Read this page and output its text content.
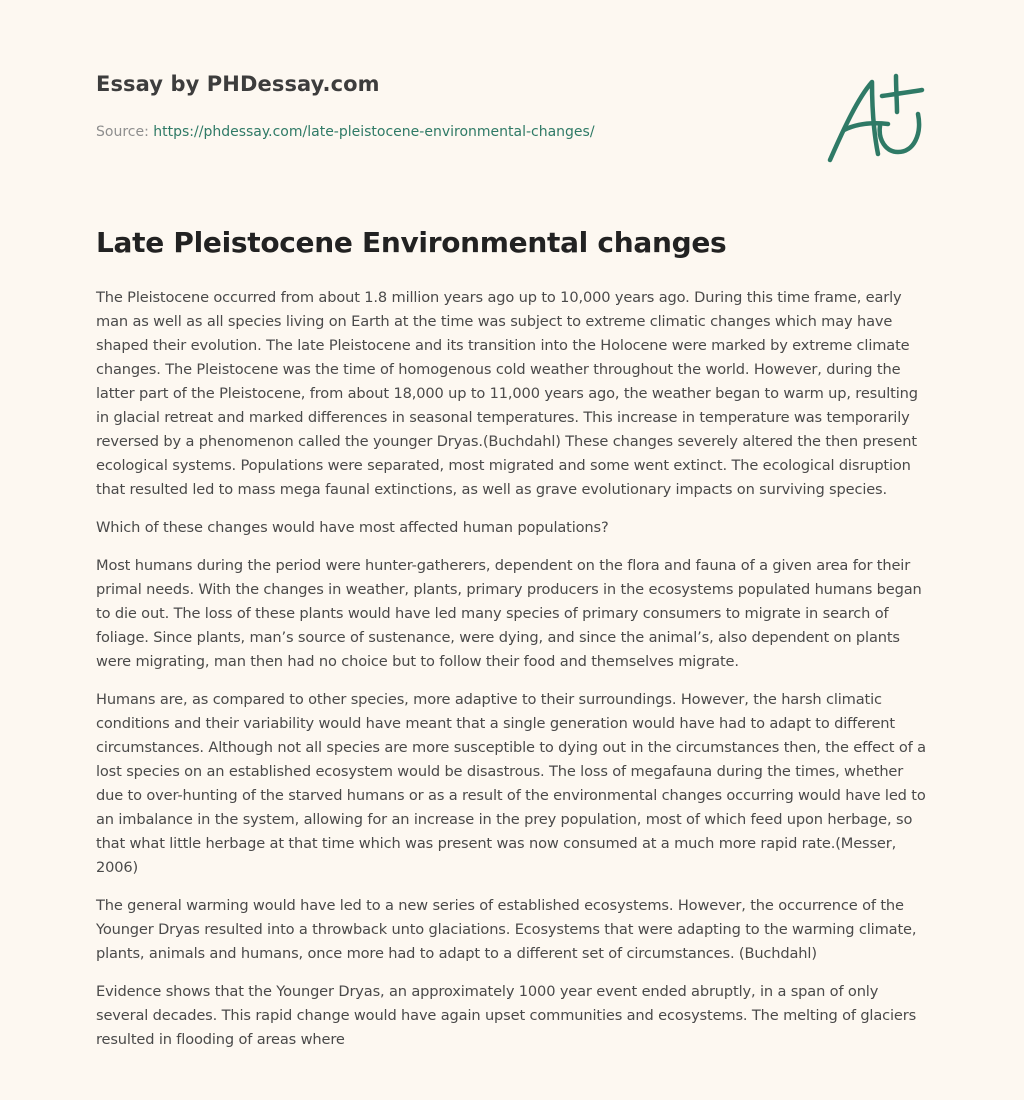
Essay by PHDessay.com
Source: https://phdessay.com/late-pleistocene-environmental-changes/
Late Pleistocene Environmental changes

The Pleistocene occurred from about 1.8 million years ago up to 10,000 years ago. During this time frame, early man as well as all species living on Earth at the time was subject to extreme climatic changes which may have shaped their evolution. The late Pleistocene and its transition into the Holocene were marked by extreme climate changes. The Pleistocene was the time of homogenous cold weather throughout the world. However, during the latter part of the Pleistocene, from about 18,000 up to 11,000 years ago, the weather began to warm up, resulting in glacial retreat and marked differences in seasonal temperatures. This increase in temperature was temporarily reversed by a phenomenon called the younger Dryas.(Buchdahl) These changes severely altered the then present ecological systems. Populations were separated, most migrated and some went extinct. The ecological disruption that resulted led to mass mega faunal extinctions, as well as grave evolutionary impacts on surviving species.

Which of these changes would have most affected human populations?

Most humans during the period were hunter-gatherers, dependent on the flora and fauna of a given area for their primal needs. With the changes in weather, plants, primary producers in the ecosystems populated humans began to die out. The loss of these plants would have led many species of primary consumers to migrate in search of foliage. Since plants, man’s source of sustenance, were dying, and since the animal’s, also dependent on plants were migrating, man then had no choice but to follow their food and themselves migrate.

Humans are, as compared to other species, more adaptive to their surroundings. However, the harsh climatic conditions and their variability would have meant that a single generation would have had to adapt to different circumstances. Although not all species are more susceptible to dying out in the circumstances then, the effect of a lost species on an established ecosystem would be disastrous. The loss of megafauna during the times, whether due to over-hunting of the starved humans or as a result of the environmental changes occurring would have led to an imbalance in the system, allowing for an increase in the prey population, most of which feed upon herbage, so that what little herbage at that time which was present was now consumed at a much more rapid rate.(Messer, 2006)

The general warming would have led to a new series of established ecosystems. However, the occurrence of the Younger Dryas resulted into a throwback unto glaciations. Ecosystems that were adapting to the warming climate, plants, animals and humans, once more had to adapt to a different set of circumstances. (Buchdahl)

Evidence shows that the Younger Dryas, an approximately 1000 year event ended abruptly, in a span of only several decades. This rapid change would have again upset communities and ecosystems. The melting of glaciers resulted in flooding of areas where
